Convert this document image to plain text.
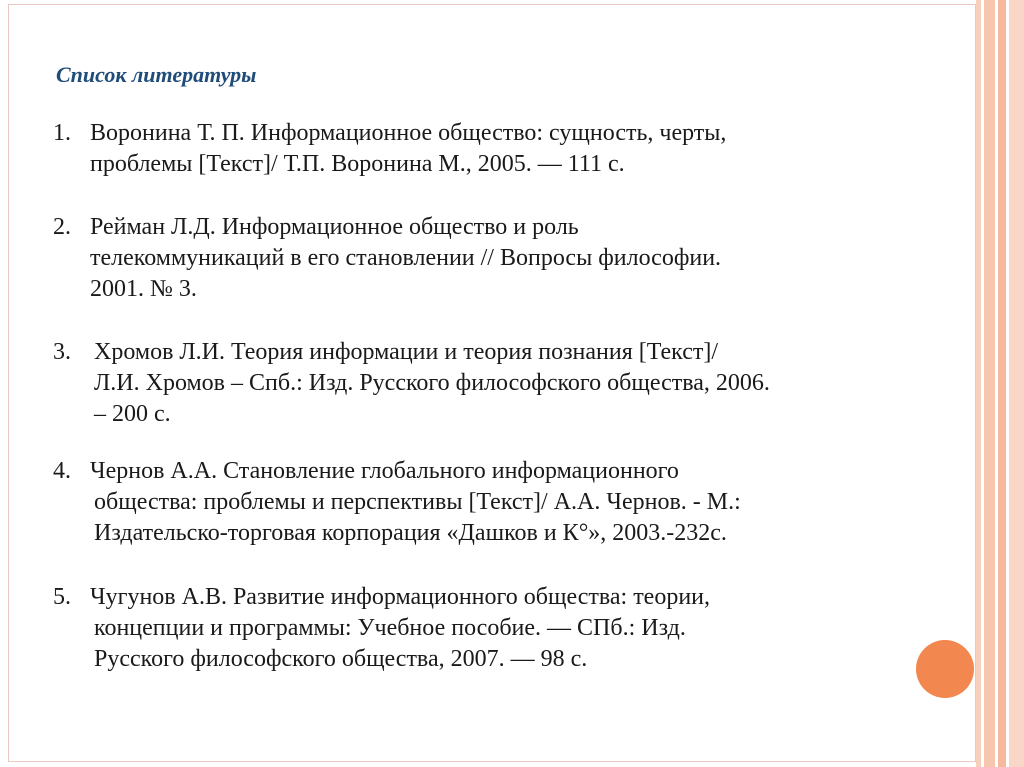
Список литературы
1. Воронина Т. П. Информационное общество: сущность, черты,
проблемы [Текст]/ Т.П. Воронина М., 2005. — 111 с.
2. Рейман Л.Д. Информационное общество и роль
телекоммуникаций в его становлении // Вопросы философии.
2001. № 3.
3. Хромов Л.И. Теория информации и теория познания [Текст]/
Л.И. Хромов – Спб.: Изд. Русского философского общества, 2006.
– 200 с.
4. Чернов А.А. Становление глобального информационного
общества: проблемы и перспективы [Текст]/ А.А. Чернов. - М.:
Издательско-торговая корпорация «Дашков и К°», 2003.-232с.
5. Чугунов А.В. Развитие информационного общества: теории,
концепции и программы: Учебное пособие. — СПб.: Изд.
Русского философского общества, 2007. — 98 с.
